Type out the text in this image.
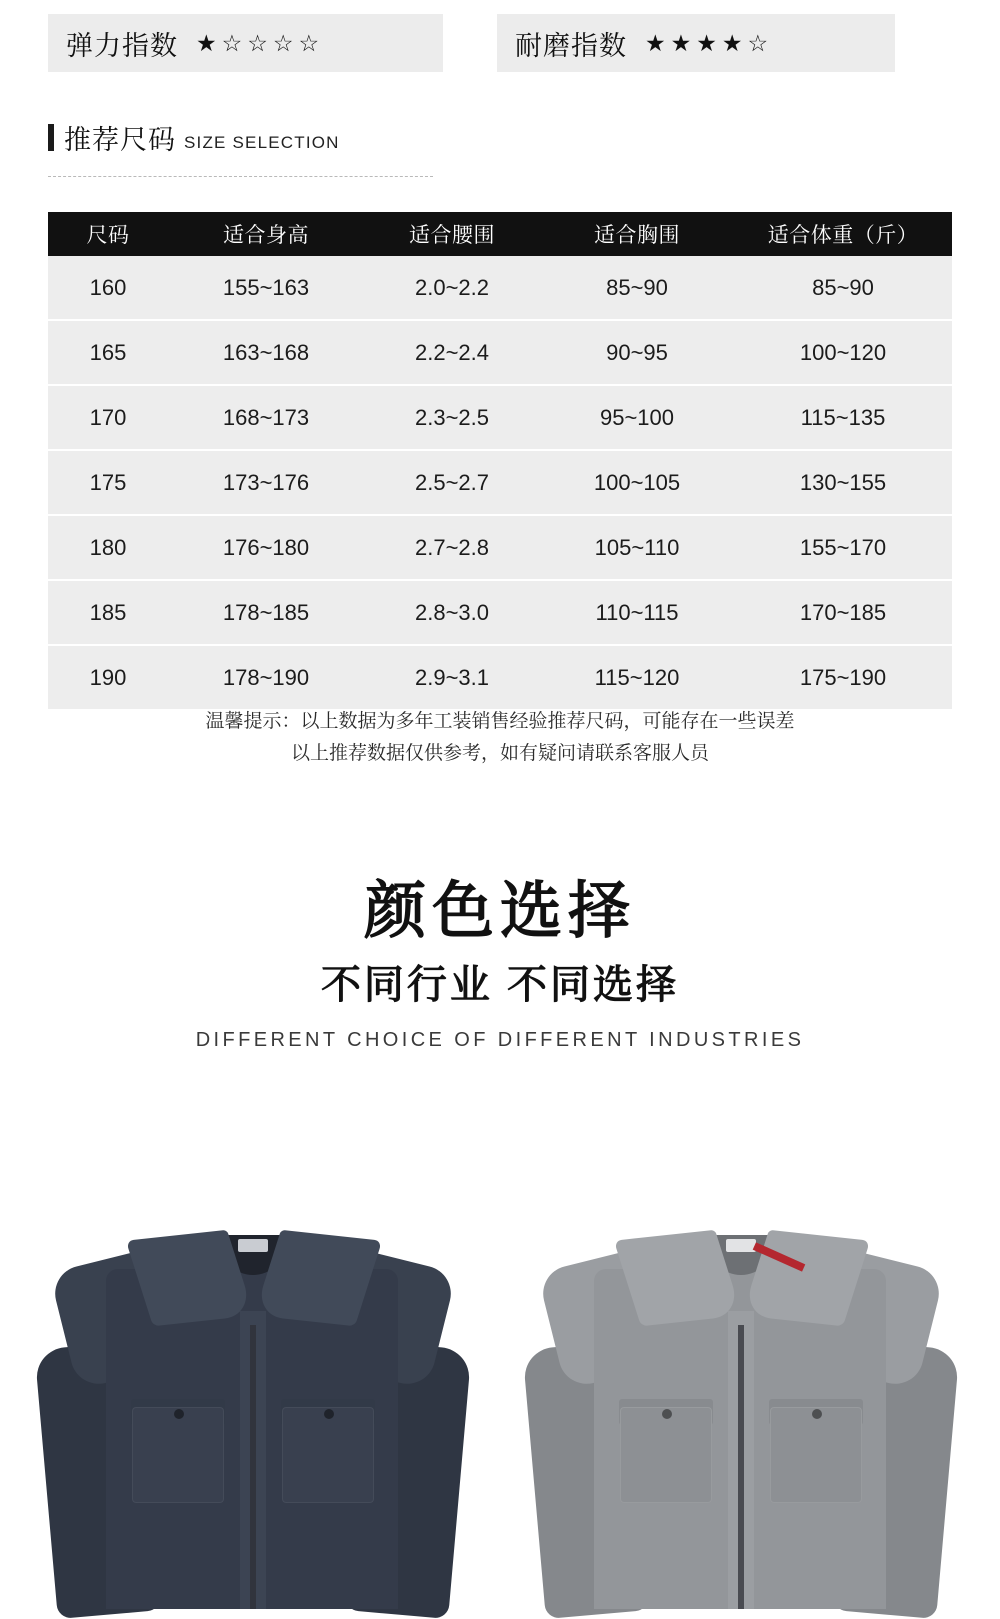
弹力指数 ★☆☆☆☆	耐磨指数 ★★★★☆
推荐尺码 SIZE SELECTION
尺码	适合身高	适合腰围	适合胸围	适合体重（斤）
160	155~163	2.0~2.2	85~90	85~90
165	163~168	2.2~2.4	90~95	100~120
170	168~173	2.3~2.5	95~100	115~135
175	173~176	2.5~2.7	100~105	130~155
180	176~180	2.7~2.8	105~110	155~170
185	178~185	2.8~3.0	110~115	170~185
190	178~190	2.9~3.1	115~120	175~190
温馨提示：以上数据为多年工装销售经验推荐尺码，可能存在一些误差
以上推荐数据仅供参考，如有疑问请联系客服人员
颜色选择
不同行业 不同选择
DIFFERENT CHOICE OF DIFFERENT INDUSTRIES
